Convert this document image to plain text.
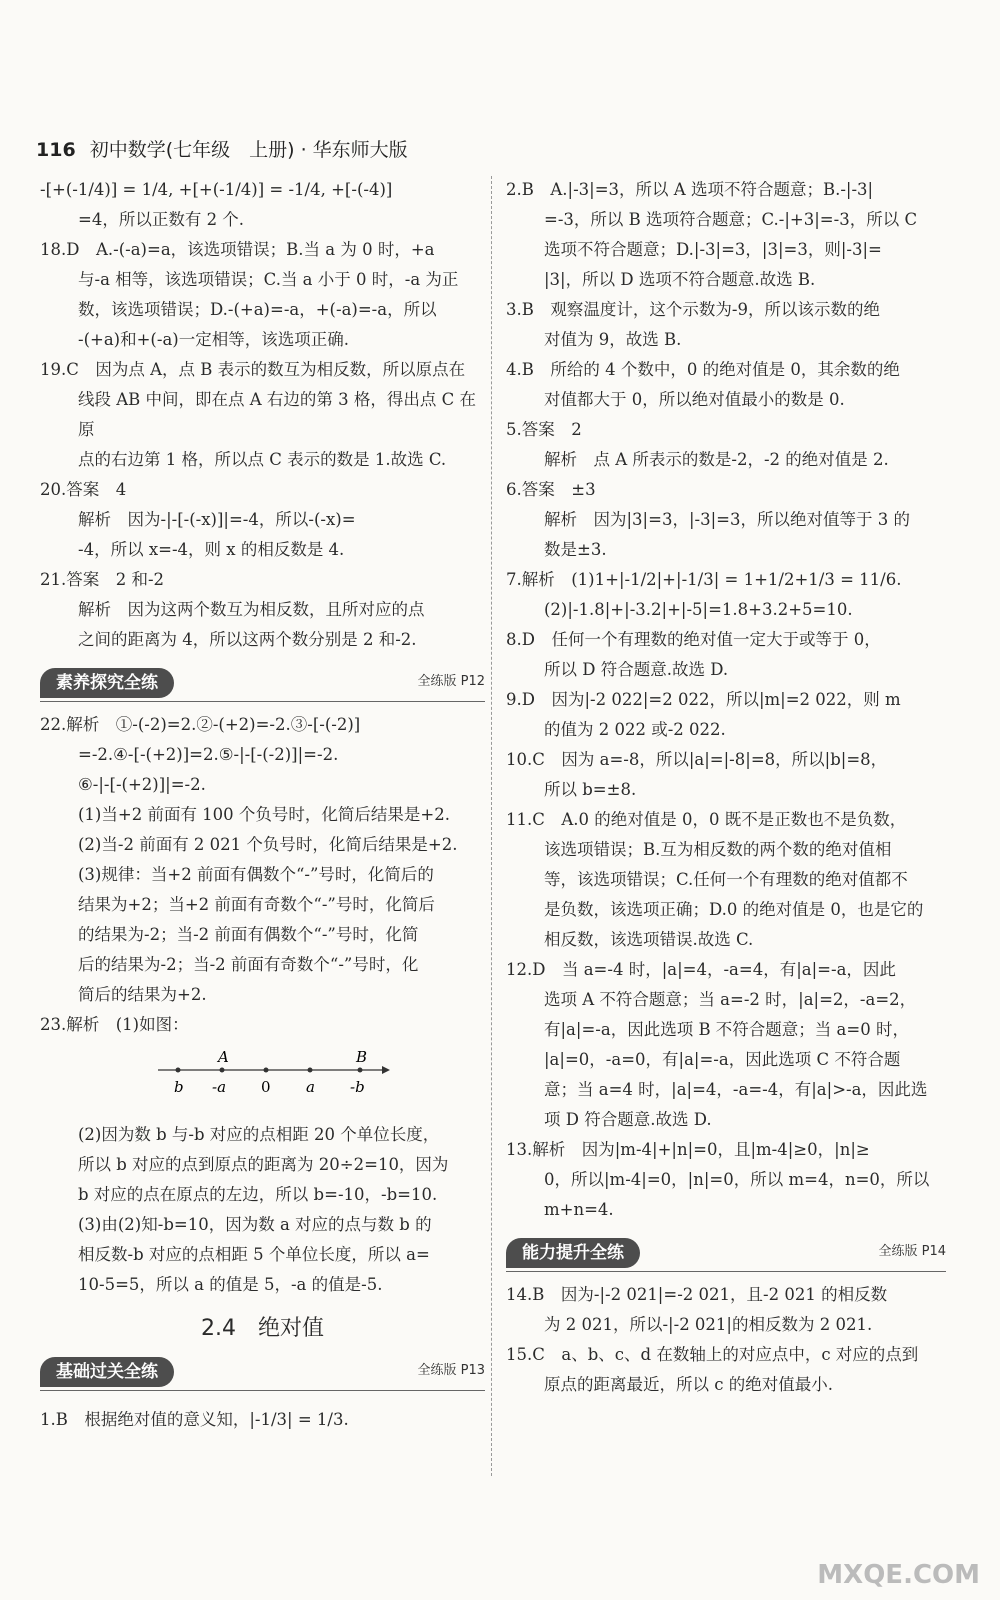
116 初中数学(七年级　上册) · 华东师大版

-[+(-1/4)] = 1/4, +[+(-1/4)] = -1/4, +[-(-4)]

=4，所以正数有 2 个.

18.D　A.-(-a)=a，该选项错误；B.当 a 为 0 时，+a

与-a 相等，该选项错误；C.当 a 小于 0 时，-a 为正

数，该选项错误；D.-(+a)=-a，+(-a)=-a，所以

-(+a)和+(-a)一定相等，该选项正确.

19.C　因为点 A，点 B 表示的数互为相反数，所以原点在

线段 AB 中间，即在点 A 右边的第 3 格，得出点 C 在原

点的右边第 1 格，所以点 C 表示的数是 1.故选 C.

20.答案　4

解析　因为-|-[-(-x)]|=-4，所以-(-x)=

-4，所以 x=-4，则 x 的相反数是 4.

21.答案　2 和-2

解析　因为这两个数互为相反数，且所对应的点

之间的距离为 4，所以这两个数分别是 2 和-2.

素养探究全练	全练版 P12

22.解析　①-(-2)=2.②-(+2)=-2.③-[-(-2)]

=-2.④-[-(+2)]=2.⑤-|-[-(-2)]|=-2.

⑥-|-[-(+2)]|=-2.

(1)当+2 前面有 100 个负号时，化简后结果是+2.

(2)当-2 前面有 2 021 个负号时，化简后结果是+2.

(3)规律：当+2 前面有偶数个“-”号时，化简后的

结果为+2；当+2 前面有奇数个“-”号时，化简后

的结果为-2；当-2 前面有偶数个“-”号时，化简

后的结果为-2；当-2 前面有奇数个“-”号时，化

简后的结果为+2.

23.解析　(1)如图：

A	B
b -a 0 a -b

(2)因为数 b 与-b 对应的点相距 20 个单位长度，

所以 b 对应的点到原点的距离为 20÷2=10，因为

b 对应的点在原点的左边，所以 b=-10，-b=10.

(3)由(2)知-b=10，因为数 a 对应的点与数 b 的

相反数-b 对应的点相距 5 个单位长度，所以 a=

10-5=5，所以 a 的值是 5，-a 的值是-5.

2.4　绝对值
基础过关全练	全练版 P13

1.B　根据绝对值的意义知，|-1/3| = 1/3.

2.B　A.|-3|=3，所以 A 选项不符合题意；B.-|-3|

=-3，所以 B 选项符合题意；C.-|+3|=-3，所以 C

选项不符合题意；D.|-3|=3，|3|=3，则|-3|=

|3|，所以 D 选项不符合题意.故选 B.

3.B　观察温度计，这个示数为-9，所以该示数的绝

对值为 9，故选 B.

4.B　所给的 4 个数中，0 的绝对值是 0，其余数的绝

对值都大于 0，所以绝对值最小的数是 0.

5.答案　2

解析　点 A 所表示的数是-2，-2 的绝对值是 2.

6.答案　±3

解析　因为|3|=3，|-3|=3，所以绝对值等于 3 的

数是±3.

7.解析　(1)1+|-1/2|+|-1/3| = 1+1/2+1/3 = 11/6.

(2)|-1.8|+|-3.2|+|-5|=1.8+3.2+5=10.

8.D　任何一个有理数的绝对值一定大于或等于 0，

所以 D 符合题意.故选 D.

9.D　因为|-2 022|=2 022，所以|m|=2 022，则 m

的值为 2 022 或-2 022.

10.C　因为 a=-8，所以|a|=|-8|=8，所以|b|=8，

所以 b=±8.

11.C　A.0 的绝对值是 0，0 既不是正数也不是负数，

该选项错误；B.互为相反数的两个数的绝对值相

等，该选项错误；C.任何一个有理数的绝对值都不

是负数，该选项正确；D.0 的绝对值是 0，也是它的

相反数，该选项错误.故选 C.

12.D　当 a=-4 时，|a|=4，-a=4，有|a|=-a，因此

选项 A 不符合题意；当 a=-2 时，|a|=2，-a=2，

有|a|=-a，因此选项 B 不符合题意；当 a=0 时，

|a|=0，-a=0，有|a|=-a，因此选项 C 不符合题

意；当 a=4 时，|a|=4，-a=-4，有|a|>-a，因此选

项 D 符合题意.故选 D.

13.解析　因为|m-4|+|n|=0，且|m-4|≥0，|n|≥

0，所以|m-4|=0，|n|=0，所以 m=4，n=0，所以

m+n=4.

能力提升全练	全练版 P14

14.B　因为-|-2 021|=-2 021，且-2 021 的相反数

为 2 021，所以-|-2 021|的相反数为 2 021.

15.C　a、b、c、d 在数轴上的对应点中，c 对应的点到

原点的距离最近，所以 c 的绝对值最小.

MXQE.COM
